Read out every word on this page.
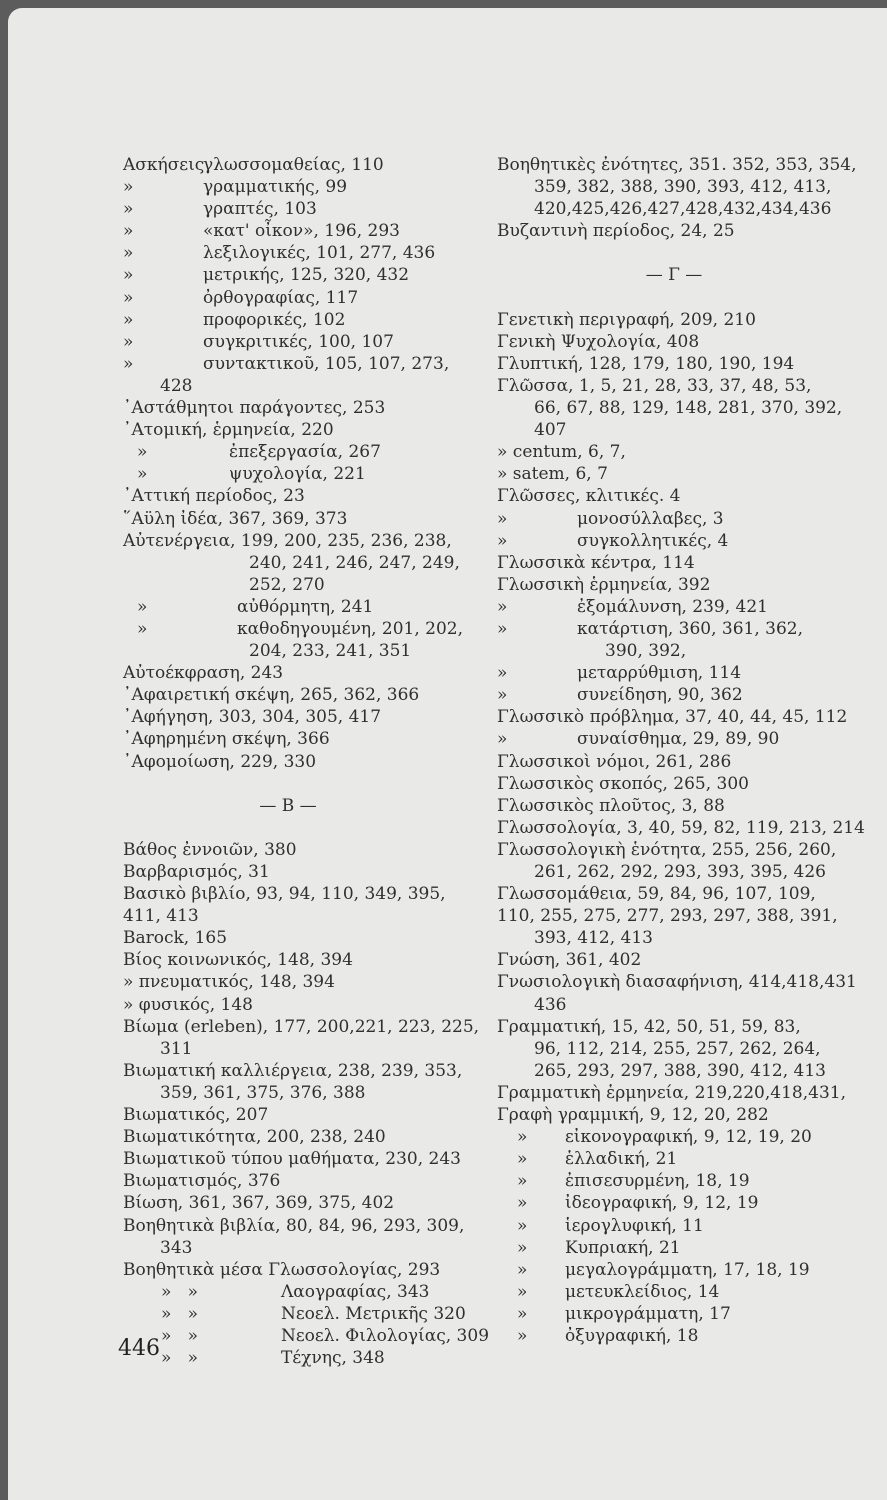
Ασκήσειςγλωσσομαθείας, 110
»	γραμματικής, 99
»	γραπτές, 103
»	«κατ' οἶκον», 196, 293
»	λεξιλογικές, 101, 277, 436
»	μετρικής, 125, 320, 432
»	ὀρθογραφίας, 117
»	προφορικές, 102
»	συγκριτικές, 100, 107
»	συντακτικοῦ, 105, 107, 273,
428
᾿Αστάθμητοι παράγοντες, 253
᾿Ατομική, ἑρμηνεία, 220
»	ἐπεξεργασία, 267
»	ψυχολογία, 221
᾿Αττική περίοδος, 23
῞Αϋλη ἰδέα, 367, 369, 373
Αὐτενέργεια, 199, 200, 235, 236, 238,
240, 241, 246, 247, 249,
252, 270
»	αὐθόρμητη, 241
»	καθοδηγουμένη, 201, 202,
204, 233, 241, 351
Αὐτοέκφραση, 243
᾿Αφαιρετική σκέψη, 265, 362, 366
᾿Αφήγηση, 303, 304, 305, 417
᾿Αφηρημένη σκέψη, 366
᾿Αφομοίωση, 229, 330
— Β —
Βάθος ἐννοιῶν, 380
Βαρβαρισμός, 31
Βασικὸ βιβλίο, 93, 94, 110, 349, 395,
411, 413
Barock, 165
Βίος κοινωνικός, 148, 394
» πνευματικός, 148, 394
» φυσικός, 148
Βίωμα (erleben), 177, 200,221, 223, 225,
311
Βιωματική καλλιέργεια, 238, 239, 353,
359, 361, 375, 376, 388
Βιωματικός, 207
Βιωματικότητα, 200, 238, 240
Βιωματικοῦ τύπου μαθήματα, 230, 243
Βιωματισμός, 376
Βίωση, 361, 367, 369, 375, 402
Βοηθητικὰ βιβλία, 80, 84, 96, 293, 309,
343
Βοηθητικὰ μέσα Γλωσσολογίας, 293
»   »	Λαογραφίας, 343
»   »	Νεοελ. Μετρικῆς 320
»   »	Νεοελ. Φιλολογίας, 309
»   »	Τέχνης, 348
Βοηθητικὲς ἐνότητες, 351. 352, 353, 354,
359, 382, 388, 390, 393, 412, 413,
420,425,426,427,428,432,434,436
Βυζαντινὴ περίοδος, 24, 25
— Γ —
Γενετικὴ περιγραφή, 209, 210
Γενικὴ Ψυχολογία, 408
Γλυπτική, 128, 179, 180, 190, 194
Γλῶσσα, 1, 5, 21, 28, 33, 37, 48, 53,
66, 67, 88, 129, 148, 281, 370, 392,
407
» centum, 6, 7,
» satem, 6, 7
Γλῶσσες, κλιτικές. 4
»	μονοσύλλαβες, 3
»	συγκολλητικές, 4
Γλωσσικὰ κέντρα, 114
Γλωσσικὴ ἑρμηνεία, 392
»	ἐξομάλυνση, 239, 421
»	κατάρτιση, 360, 361, 362,
390, 392,
»	μεταρρύθμιση, 114
»	συνείδηση, 90, 362
Γλωσσικὸ πρόβλημα, 37, 40, 44, 45, 112
»	συναίσθημα, 29, 89, 90
Γλωσσικοὶ νόμοι, 261, 286
Γλωσσικὸς σκοπός, 265, 300
Γλωσσικὸς πλοῦτος, 3, 88
Γλωσσολογία, 3, 40, 59, 82, 119, 213, 214
Γλωσσολογικὴ ἑνότητα, 255, 256, 260,
261, 262, 292, 293, 393, 395, 426
Γλωσσομάθεια, 59, 84, 96, 107, 109,
110, 255, 275, 277, 293, 297, 388, 391,
393, 412, 413
Γνώση, 361, 402
Γνωσιολογικὴ διασαφήνιση, 414,418,431
436
Γραμματική, 15, 42, 50, 51, 59, 83,
96, 112, 214, 255, 257, 262, 264,
265, 293, 297, 388, 390, 412, 413
Γραμματικὴ ἑρμηνεία, 219,220,418,431,
Γραφὴ γραμμική, 9, 12, 20, 282
» εἰκονογραφική, 9, 12, 19, 20
» ἑλλαδική, 21
» ἐπισεσυρμένη, 18, 19
» ἰδεογραφική, 9, 12, 19
» ἱερογλυφική, 11
» Κυπριακή, 21
» μεγαλογράμματη, 17, 18, 19
» μετευκλείδιος, 14
» μικρογράμματη, 17
» ὀξυγραφική, 18
446
